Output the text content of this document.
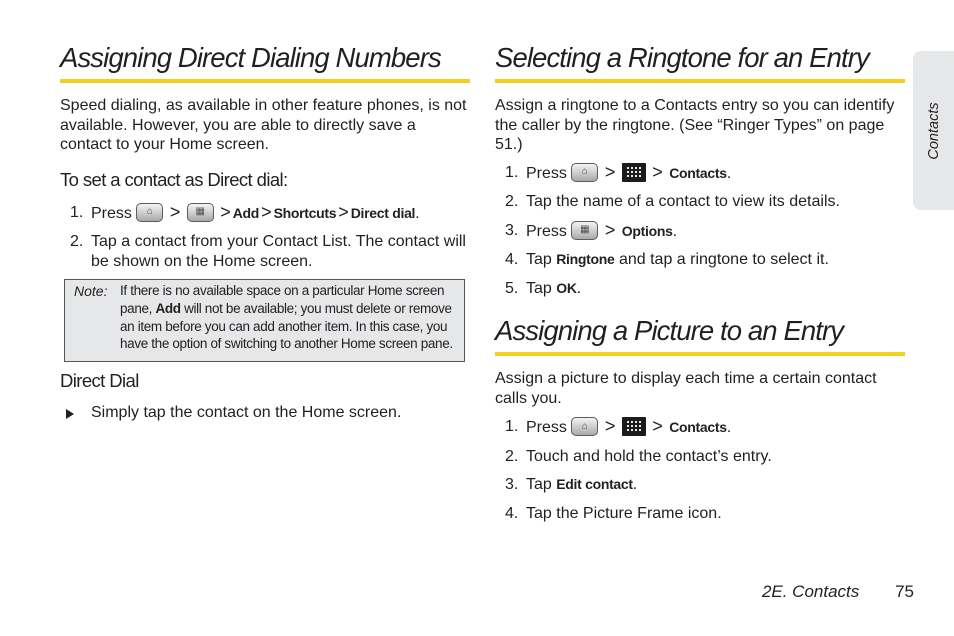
Assigning Direct Dialing Numbers

Speed dialing, as available in other feature phones, is not available. However, you are able to directly save a contact to your Home screen.

To set a contact as Direct dial:
1. Press ⌂ > ▦ > Add > Shortcuts > Direct dial.
2. Tap a contact from your Contact List. The contact will be shown on the Home screen.
Note: If there is no available space on a particular Home screen pane, Add will not be available; you must delete or remove an item before you can add another item. In this case, you have the option of switching to another Home screen pane.
Direct Dial
Simply tap the contact on the Home screen.
Selecting a Ringtone for an Entry

Assign a ringtone to a Contacts entry so you can identify the caller by the ringtone. (See “Ringer Types” on page 51.)

1. Press ⌂ > > Contacts.
2. Tap the name of a contact to view its details.
3. Press ▦ > Options.
4. Tap Ringtone and tap a ringtone to select it.
5. Tap OK.
Assigning a Picture to an Entry

Assign a picture to display each time a certain contact calls you.

1. Press ⌂ > > Contacts.
2. Touch and hold the contact’s entry.
3. Tap Edit contact.
4. Tap the Picture Frame icon.
Contacts
2E. Contacts 75
